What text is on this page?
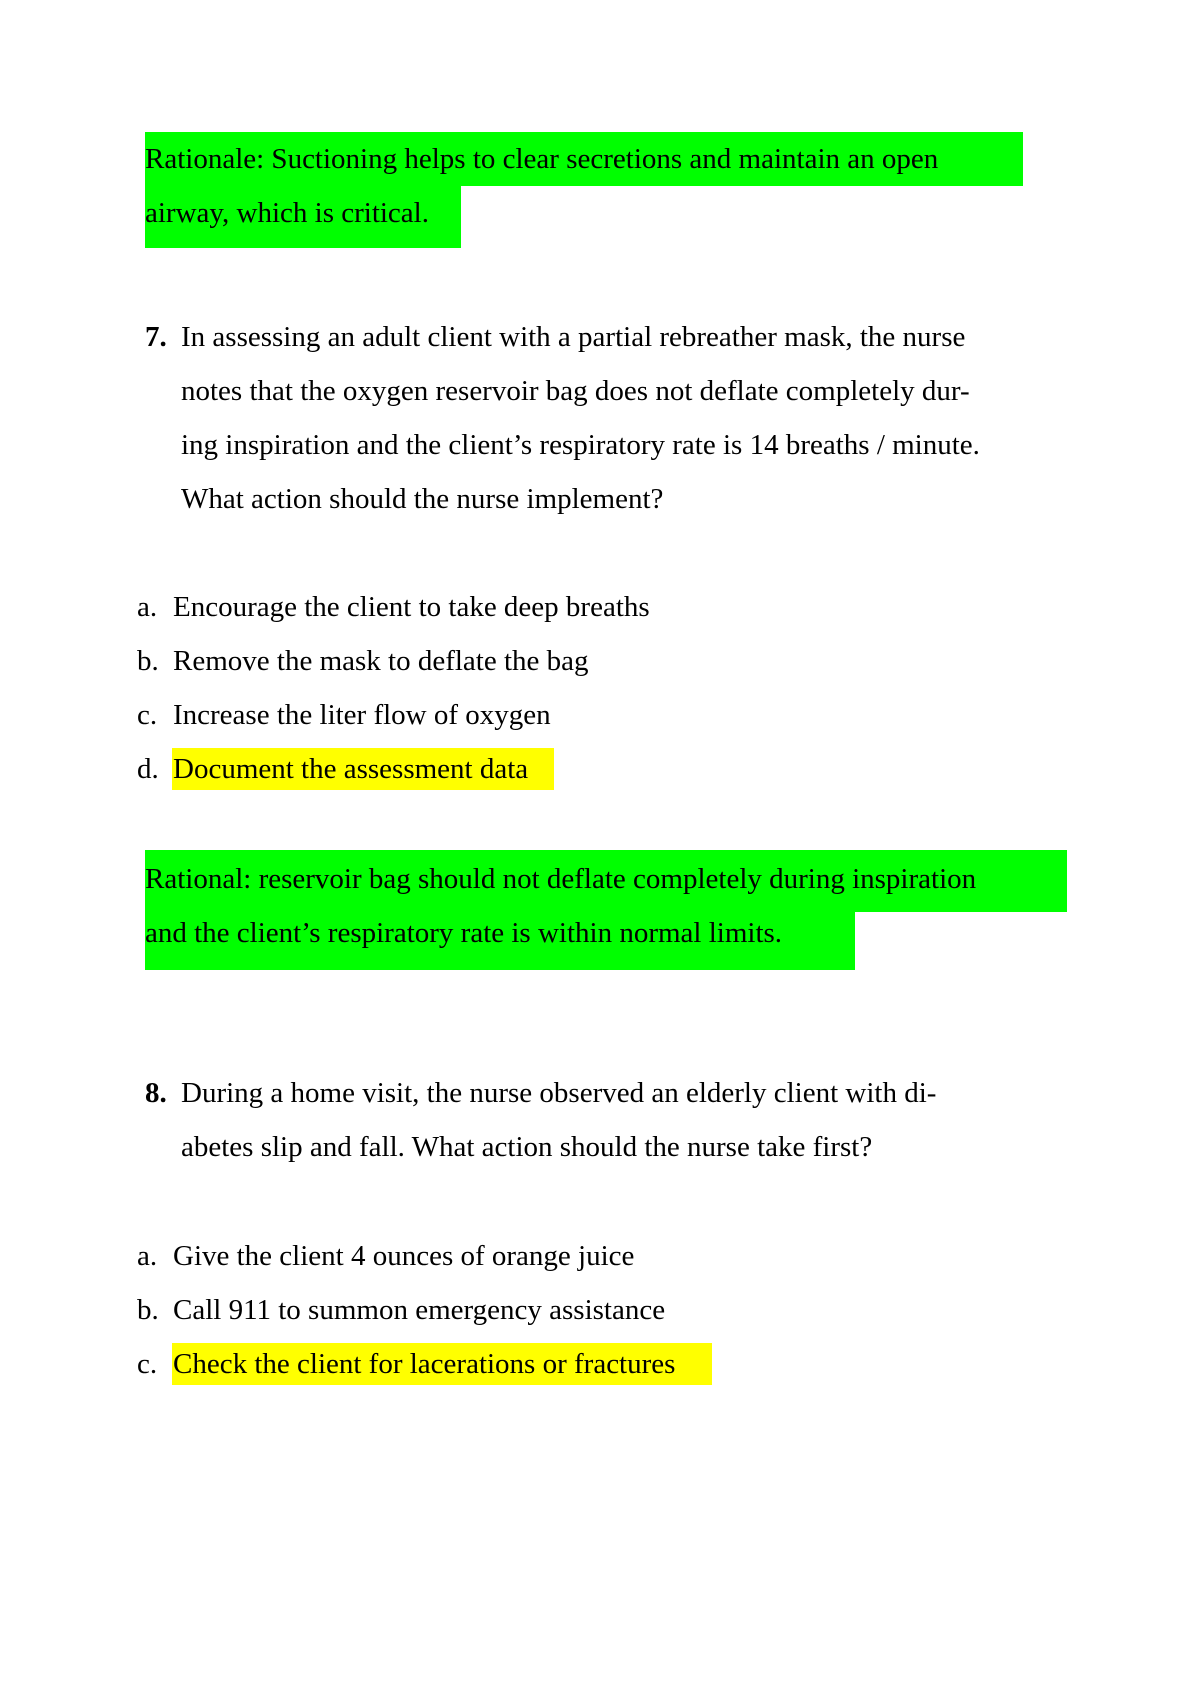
Rationale: Suctioning helps to clear secretions and maintain an open
airway, which is critical.
7. In assessing an adult client with a partial rebreather mask, the nurse
notes that the oxygen reservoir bag does not deflate completely dur-
ing inspiration and the client’s respiratory rate is 14 breaths / minute.
What action should the nurse implement?
a. Encourage the client to take deep breaths
b. Remove the mask to deflate the bag
c. Increase the liter flow of oxygen
d. Document the assessment data
Rational: reservoir bag should not deflate completely during inspiration
and the client’s respiratory rate is within normal limits.
8. During a home visit, the nurse observed an elderly client with di-
abetes slip and fall. What action should the nurse take first?
a. Give the client 4 ounces of orange juice
b. Call 911 to summon emergency assistance
c. Check the client for lacerations or fractures
